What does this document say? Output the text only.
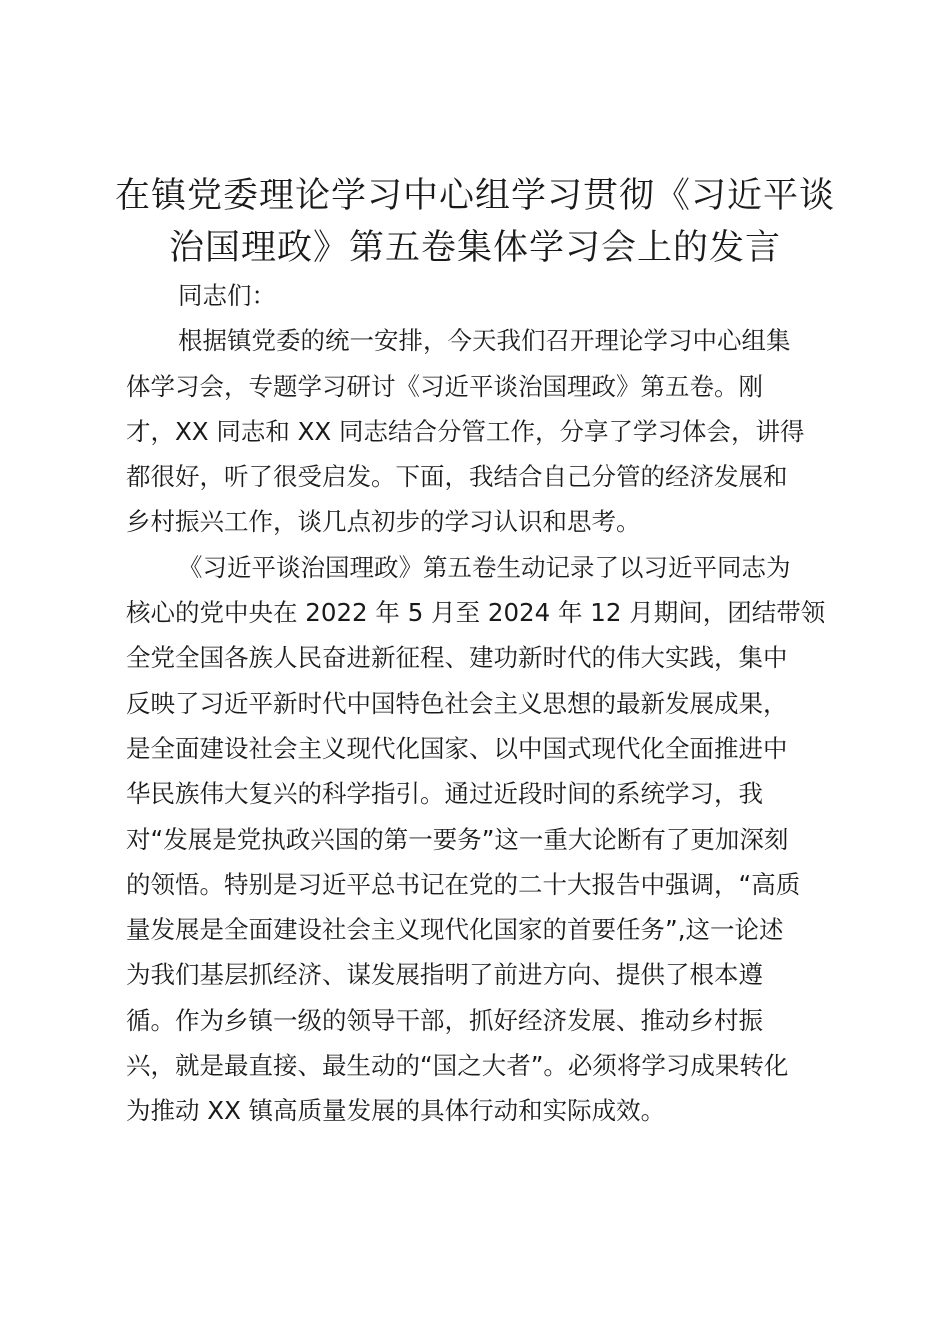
在镇党委理论学习中心组学习贯彻《习近平谈
治国理政》第五卷集体学习会上的发言
同志们：
根据镇党委的统一安排，今天我们召开理论学习中心组集
体学习会，专题学习研讨《习近平谈治国理政》第五卷。刚
才，XX 同志和 XX 同志结合分管工作，分享了学习体会，讲得
都很好，听了很受启发。下面，我结合自己分管的经济发展和
乡村振兴工作，谈几点初步的学习认识和思考。
《习近平谈治国理政》第五卷生动记录了以习近平同志为
核心的党中央在 2022 年 5 月至 2024 年 12 月期间，团结带领
全党全国各族人民奋进新征程、建功新时代的伟大实践，集中
反映了习近平新时代中国特色社会主义思想的最新发展成果，
是全面建设社会主义现代化国家、以中国式现代化全面推进中
华民族伟大复兴的科学指引。通过近段时间的系统学习，我
对“发展是党执政兴国的第一要务”这一重大论断有了更加深刻
的领悟。特别是习近平总书记在党的二十大报告中强调，“高质
量发展是全面建设社会主义现代化国家的首要任务”,这一论述
为我们基层抓经济、谋发展指明了前进方向、提供了根本遵
循。作为乡镇一级的领导干部，抓好经济发展、推动乡村振
兴，就是最直接、最生动的“国之大者”。必须将学习成果转化
为推动 XX 镇高质量发展的具体行动和实际成效。
